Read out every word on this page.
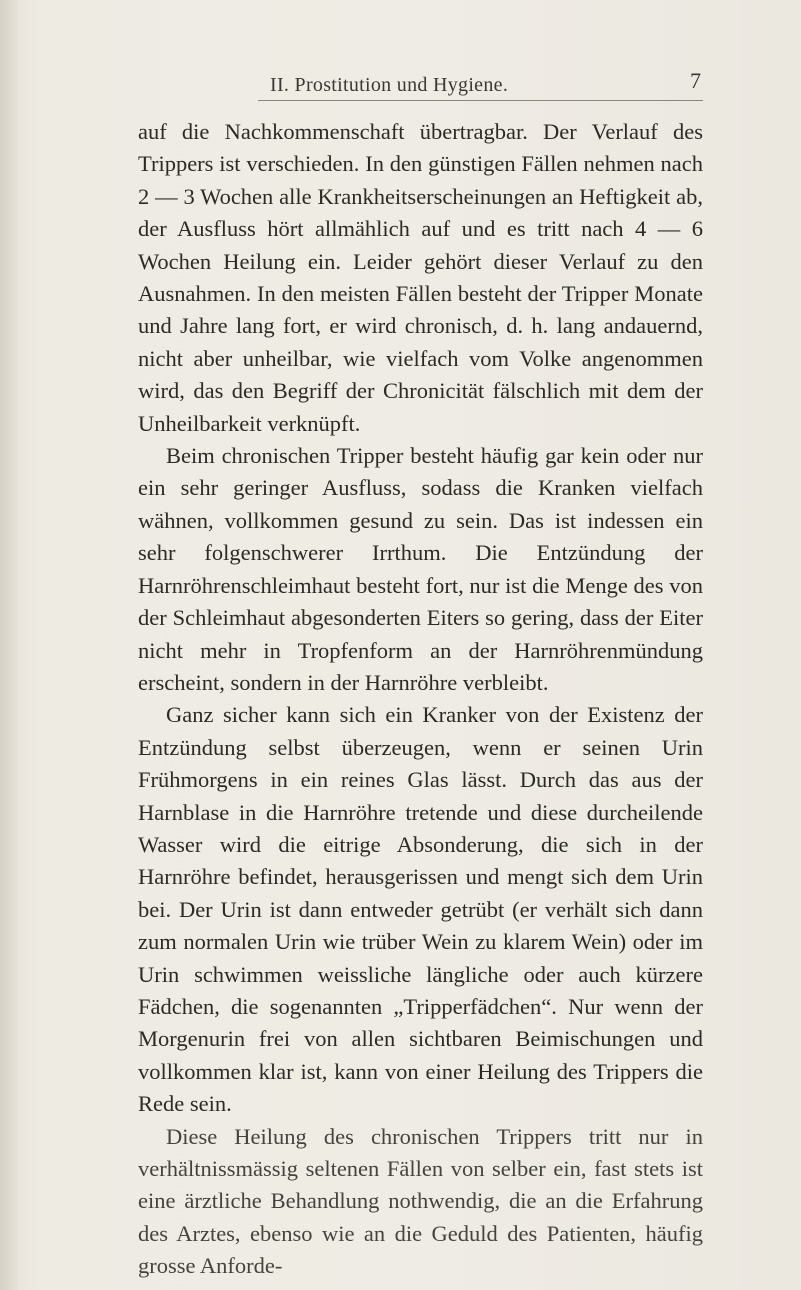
II. Prostitution und Hygiene.	7

auf die Nachkommenschaft übertragbar. Der Verlauf des Trippers ist verschieden. In den günstigen Fällen nehmen nach 2 — 3 Wochen alle Krankheitserscheinungen an Heftigkeit ab, der Ausfluss hört allmählich auf und es tritt nach 4 — 6 Wochen Heilung ein. Leider gehört dieser Verlauf zu den Ausnahmen. In den meisten Fällen besteht der Tripper Monate und Jahre lang fort, er wird chronisch, d. h. lang andauernd, nicht aber unheilbar, wie vielfach vom Volke angenommen wird, das den Begriff der Chronicität fälschlich mit dem der Unheilbarkeit verknüpft.

Beim chronischen Tripper besteht häufig gar kein oder nur ein sehr geringer Ausfluss, sodass die Kranken vielfach wähnen, vollkommen gesund zu sein. Das ist indessen ein sehr folgenschwerer Irrthum. Die Entzündung der Harnröhrenschleimhaut besteht fort, nur ist die Menge des von der Schleimhaut abgesonderten Eiters so gering, dass der Eiter nicht mehr in Tropfenform an der Harnröhrenmündung erscheint, sondern in der Harnröhre verbleibt.

Ganz sicher kann sich ein Kranker von der Existenz der Entzündung selbst überzeugen, wenn er seinen Urin Frühmorgens in ein reines Glas lässt. Durch das aus der Harnblase in die Harnröhre tretende und diese durcheilende Wasser wird die eitrige Absonderung, die sich in der Harnröhre befindet, herausgerissen und mengt sich dem Urin bei. Der Urin ist dann entweder getrübt (er verhält sich dann zum normalen Urin wie trüber Wein zu klarem Wein) oder im Urin schwimmen weissliche längliche oder auch kürzere Fädchen, die sogenannten „Tripperfädchen“. Nur wenn der Morgenurin frei von allen sichtbaren Beimischungen und vollkommen klar ist, kann von einer Heilung des Trippers die Rede sein.

Diese Heilung des chronischen Trippers tritt nur in verhältnissmässig seltenen Fällen von selber ein, fast stets ist eine ärztliche Behandlung nothwendig, die an die Erfahrung des Arztes, ebenso wie an die Geduld des Patienten, häufig grosse Anforde-
